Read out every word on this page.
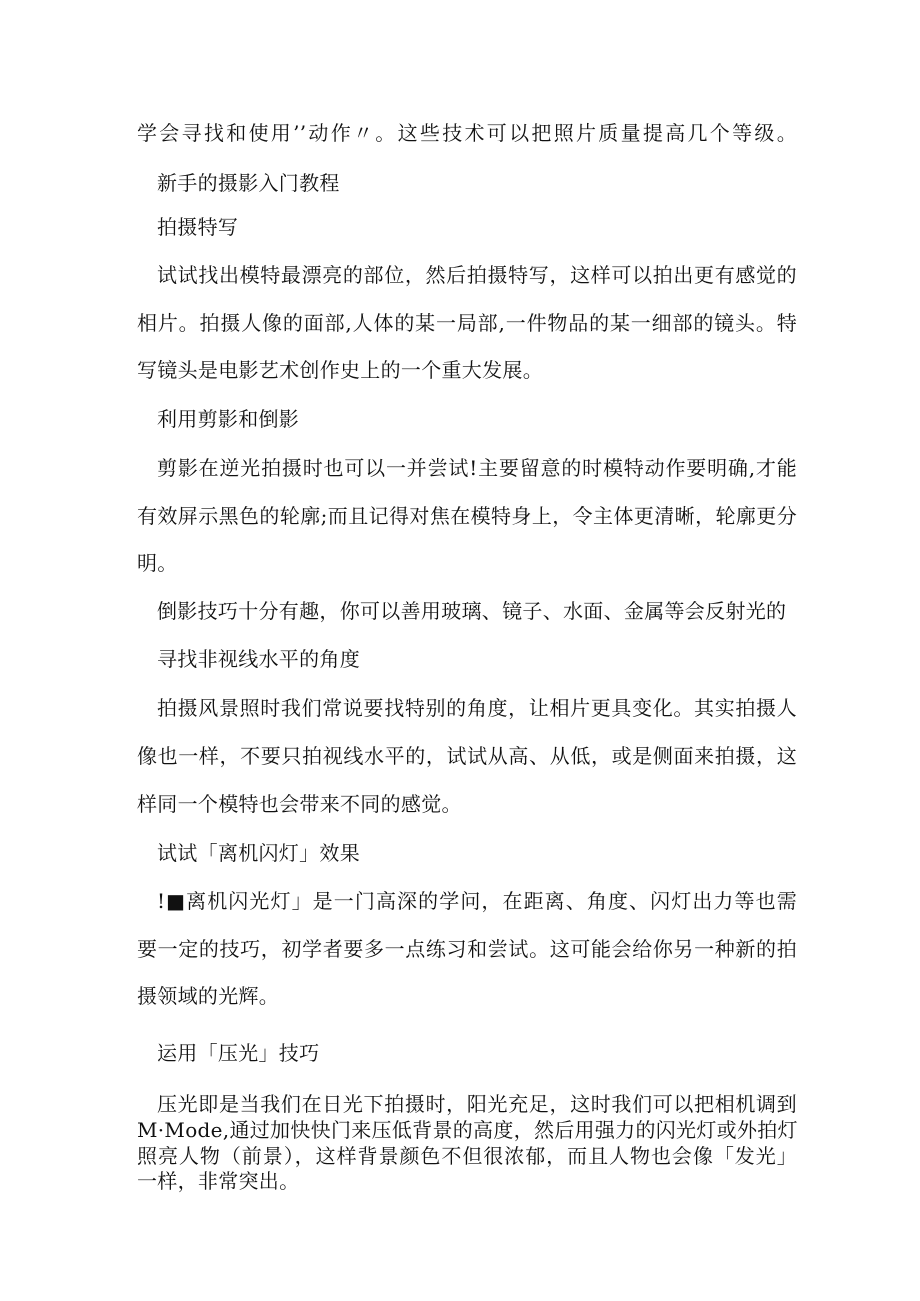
学会寻找和使用’’动作〃。这些技术可以把照片质量提高几个等级。
新手的摄影入门教程
拍摄特写
试试找出模特最漂亮的部位，然后拍摄特写，这样可以拍出更有感觉的
相片。拍摄人像的面部,人体的某一局部,一件物品的某一细部的镜头。特
写镜头是电影艺术创作史上的一个重大发展。
利用剪影和倒影
剪影在逆光拍摄时也可以一并尝试!主要留意的时模特动作要明确,才能
有效屏示黑色的轮廓;而且记得对焦在模特身上，令主体更清晰，轮廓更分
明。
倒影技巧十分有趣，你可以善用玻璃、镜子、水面、金属等会反射光的
寻找非视线水平的角度
拍摄风景照时我们常说要找特别的角度，让相片更具变化。其实拍摄人
像也一样，不要只拍视线水平的，试试从高、从低，或是侧面来拍摄，这
样同一个模特也会带来不同的感觉。
试试「离机闪灯」效果
!■离机闪光灯」是一门高深的学问，在距离、角度、闪灯出力等也需
要一定的技巧，初学者要多一点练习和尝试。这可能会给你另一种新的拍
摄领域的光辉。
运用「压光」技巧
压光即是当我们在日光下拍摄时，阳光充足，这时我们可以把相机调到
M·Mode,通过加快快门来压低背景的高度，然后用强力的闪光灯或外拍灯
照亮人物（前景），这样背景颜色不但很浓郁，而且人物也会像「发光」
一样，非常突出。
